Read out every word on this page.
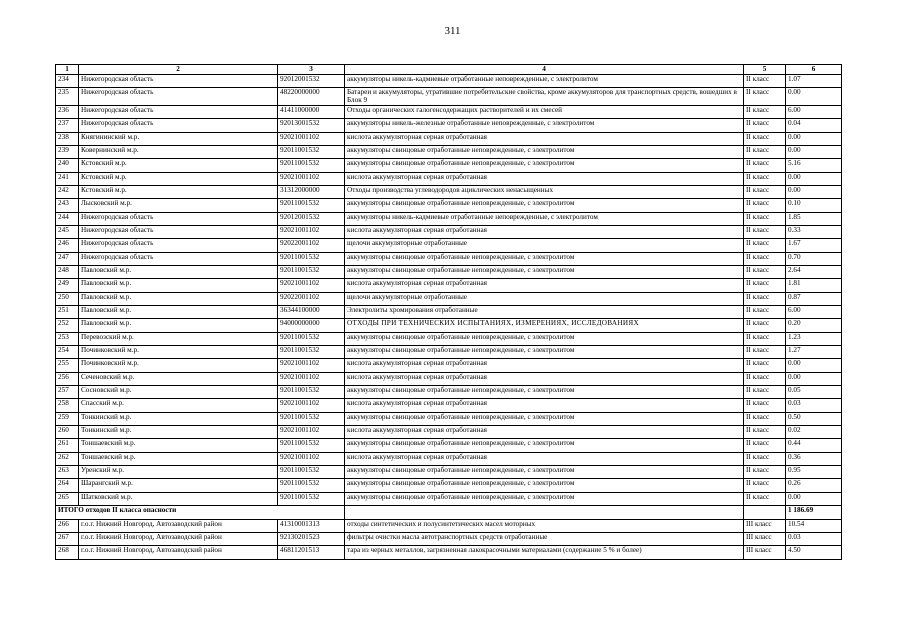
311
1	2	3	4	5	6
234	Нижегородская область	92012001532	аккумуляторы никель-кадмиевые отработанные неповрежденные, с электролитом	II класс	1.07
235	Нижегородская область	48220000000	Батареи и аккумуляторы, утратившие потребительские свойства, кроме аккумуляторов для транспортных средств, вошедших в Блок 9	II класс	0.00
236	Нижегородская область	41411000000	Отходы органических галогенсодержащих растворителей и их смесей	II класс	6.00
237	Нижегородская область	92013001532	аккумуляторы никель-железные отработанные неповрежденные, с электролитом	II класс	0.04
238	Княгининский м.р.	92021001102	кислота аккумуляторная серная отработанная	II класс	0.00
239	Ковернинский м.р.	92011001532	аккумуляторы свинцовые отработанные неповрежденные, с электролитом	II класс	0.00
240	Кстовский м.р.	92011001532	аккумуляторы свинцовые отработанные неповрежденные, с электролитом	II класс	5.16
241	Кстовский м.р.	92021001102	кислота аккумуляторная серная отработанная	II класс	0.00
242	Кстовский м.р.	31312000000	Отходы производства углеводородов ациклических ненасыщенных	II класс	0.00
243	Лысковский м.р.	92011001532	аккумуляторы свинцовые отработанные неповрежденные, с электролитом	II класс	0.10
244	Нижегородская область	92012001532	аккумуляторы никель-кадмиевые отработанные неповрежденные, с электролитом	II класс	1.85
245	Нижегородская область	92021001102	кислота аккумуляторная серная отработанная	II класс	0.33
246	Нижегородская область	92022001102	щелочи аккумуляторные отработанные	II класс	1.67
247	Нижегородская область	92011001532	аккумуляторы свинцовые отработанные неповрежденные, с электролитом	II класс	0.70
248	Павловский м.р.	92011001532	аккумуляторы свинцовые отработанные неповрежденные, с электролитом	II класс	2.64
249	Павловский м.р.	92021001102	кислота аккумуляторная серная отработанная	II класс	1.81
250	Павловский м.р.	92022001102	щелочи аккумуляторные отработанные	II класс	0.87
251	Павловский м.р.	36344100000	Электролиты хромирования отработанные	II класс	6.00
252	Павловский м.р.	94000000000	ОТХОДЫ ПРИ ТЕХНИЧЕСКИХ ИСПЫТАНИЯХ, ИЗМЕРЕНИЯХ, ИССЛЕДОВАНИЯХ	II класс	0.20
253	Перевозский м.р.	92011001532	аккумуляторы свинцовые отработанные неповрежденные, с электролитом	II класс	1.23
254	Починковский м.р.	92011001532	аккумуляторы свинцовые отработанные неповрежденные, с электролитом	II класс	1.27
255	Починковский м.р.	92021001102	кислота аккумуляторная серная отработанная	II класс	0.00
256	Сеченовский м.р.	92021001102	кислота аккумуляторная серная отработанная	II класс	0.00
257	Сосновский м.р.	92011001532	аккумуляторы свинцовые отработанные неповрежденные, с электролитом	II класс	0.05
258	Спасский м.р.	92021001102	кислота аккумуляторная серная отработанная	II класс	0.03
259	Тонкинский м.р.	92011001532	аккумуляторы свинцовые отработанные неповрежденные, с электролитом	II класс	0.50
260	Тонкинский м.р.	92021001102	кислота аккумуляторная серная отработанная	II класс	0.02
261	Тоншаевский м.р.	92011001532	аккумуляторы свинцовые отработанные неповрежденные, с электролитом	II класс	0.44
262	Тоншаевский м.р.	92021001102	кислота аккумуляторная серная отработанная	II класс	0.36
263	Уренский м.р.	92011001532	аккумуляторы свинцовые отработанные неповрежденные, с электролитом	II класс	0.95
264	Шарангский м.р.	92011001532	аккумуляторы свинцовые отработанные неповрежденные, с электролитом	II класс	0.26
265	Шатковский м.р.	92011001532	аккумуляторы свинцовые отработанные неповрежденные, с электролитом	II класс	0.00
ИТОГО отходов II класса опасности					1 186.69
266	г.о.г. Нижний Новгород, Автозаводский район	41310001313	отходы синтетических и полусинтетических масел моторных	III класс	10.54
267	г.о.г. Нижний Новгород, Автозаводский район	92130201523	фильтры очистки масла автотранспортных средств отработанные	III класс	0.03
268	г.о.г. Нижний Новгород, Автозаводский район	46811201513	тара из черных металлов, загрязненная лакокрасочными материалами (содержание 5 % и более)	III класс	4.50
